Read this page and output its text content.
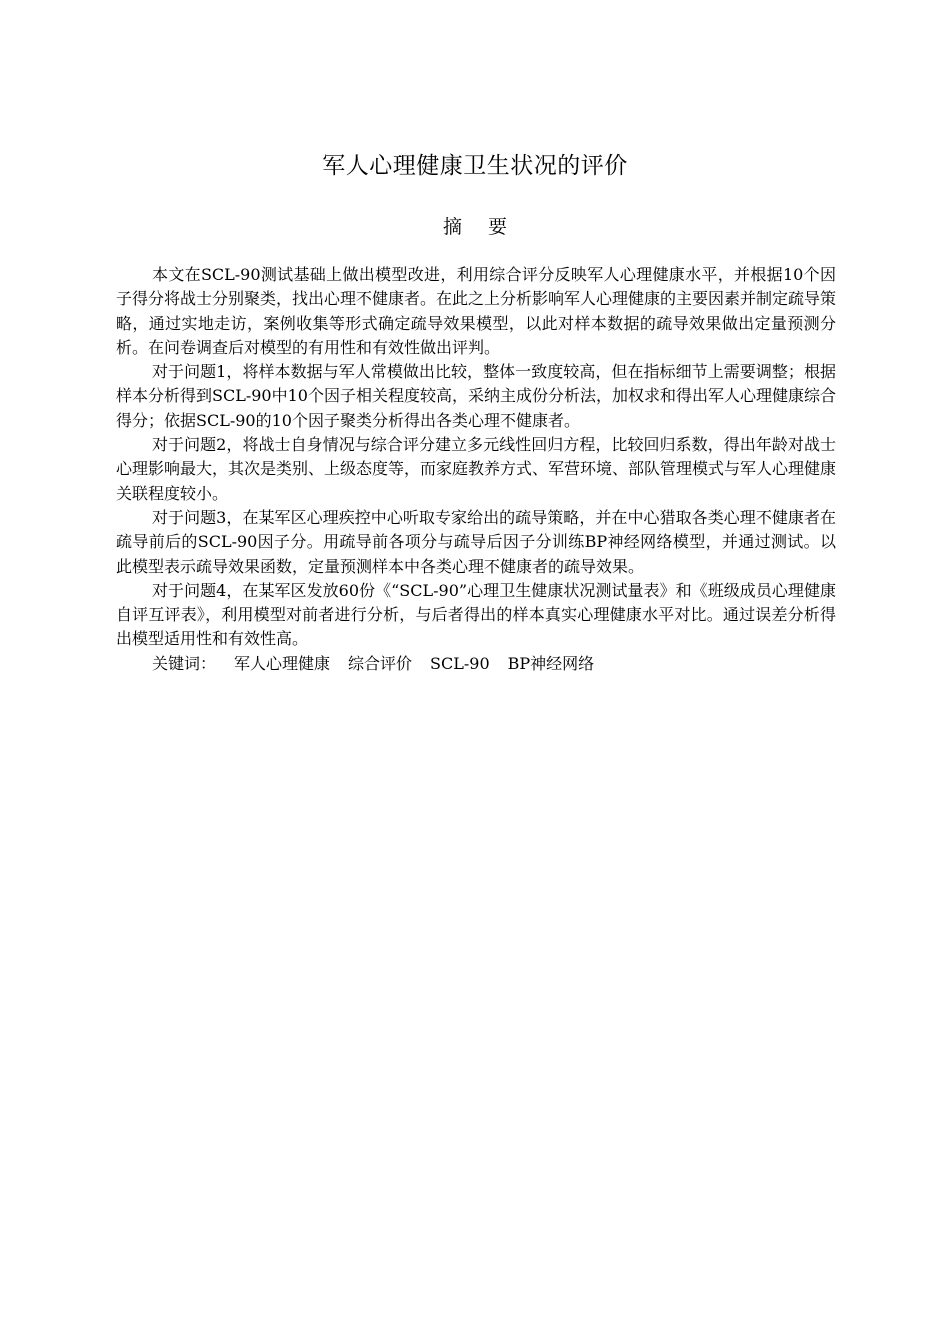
军人心理健康卫生状况的评价
摘 要

本文在SCL-90测试基础上做出模型改进，利用综合评分反映军人心理健康水平，并根据10个因子得分将战士分别聚类，找出心理不健康者。在此之上分析影响军人心理健康的主要因素并制定疏导策略，通过实地走访，案例收集等形式确定疏导效果模型，以此对样本数据的疏导效果做出定量预测分析。在问卷调查后对模型的有用性和有效性做出评判。

对于问题1，将样本数据与军人常模做出比较，整体一致度较高，但在指标细节上需要调整；根据样本分析得到SCL-90中10个因子相关程度较高，采纳主成份分析法，加权求和得出军人心理健康综合得分；依据SCL-90的10个因子聚类分析得出各类心理不健康者。

对于问题2，将战士自身情况与综合评分建立多元线性回归方程，比较回归系数，得出年龄对战士心理影响最大，其次是类别、上级态度等，而家庭教养方式、军营环境、部队管理模式与军人心理健康关联程度较小。

对于问题3，在某军区心理疾控中心听取专家给出的疏导策略，并在中心猎取各类心理不健康者在疏导前后的SCL-90因子分。用疏导前各项分与疏导后因子分训练BP神经网络模型，并通过测试。以此模型表示疏导效果函数，定量预测样本中各类心理不健康者的疏导效果。

对于问题4，在某军区发放60份《“SCL-90”心理卫生健康状况测试量表》和《班级成员心理健康自评互评表》，利用模型对前者进行分析，与后者得出的样本真实心理健康水平对比。通过误差分析得出模型适用性和有效性高。

关键词： 军人心理健康 综合评价 SCL-90 BP神经网络
